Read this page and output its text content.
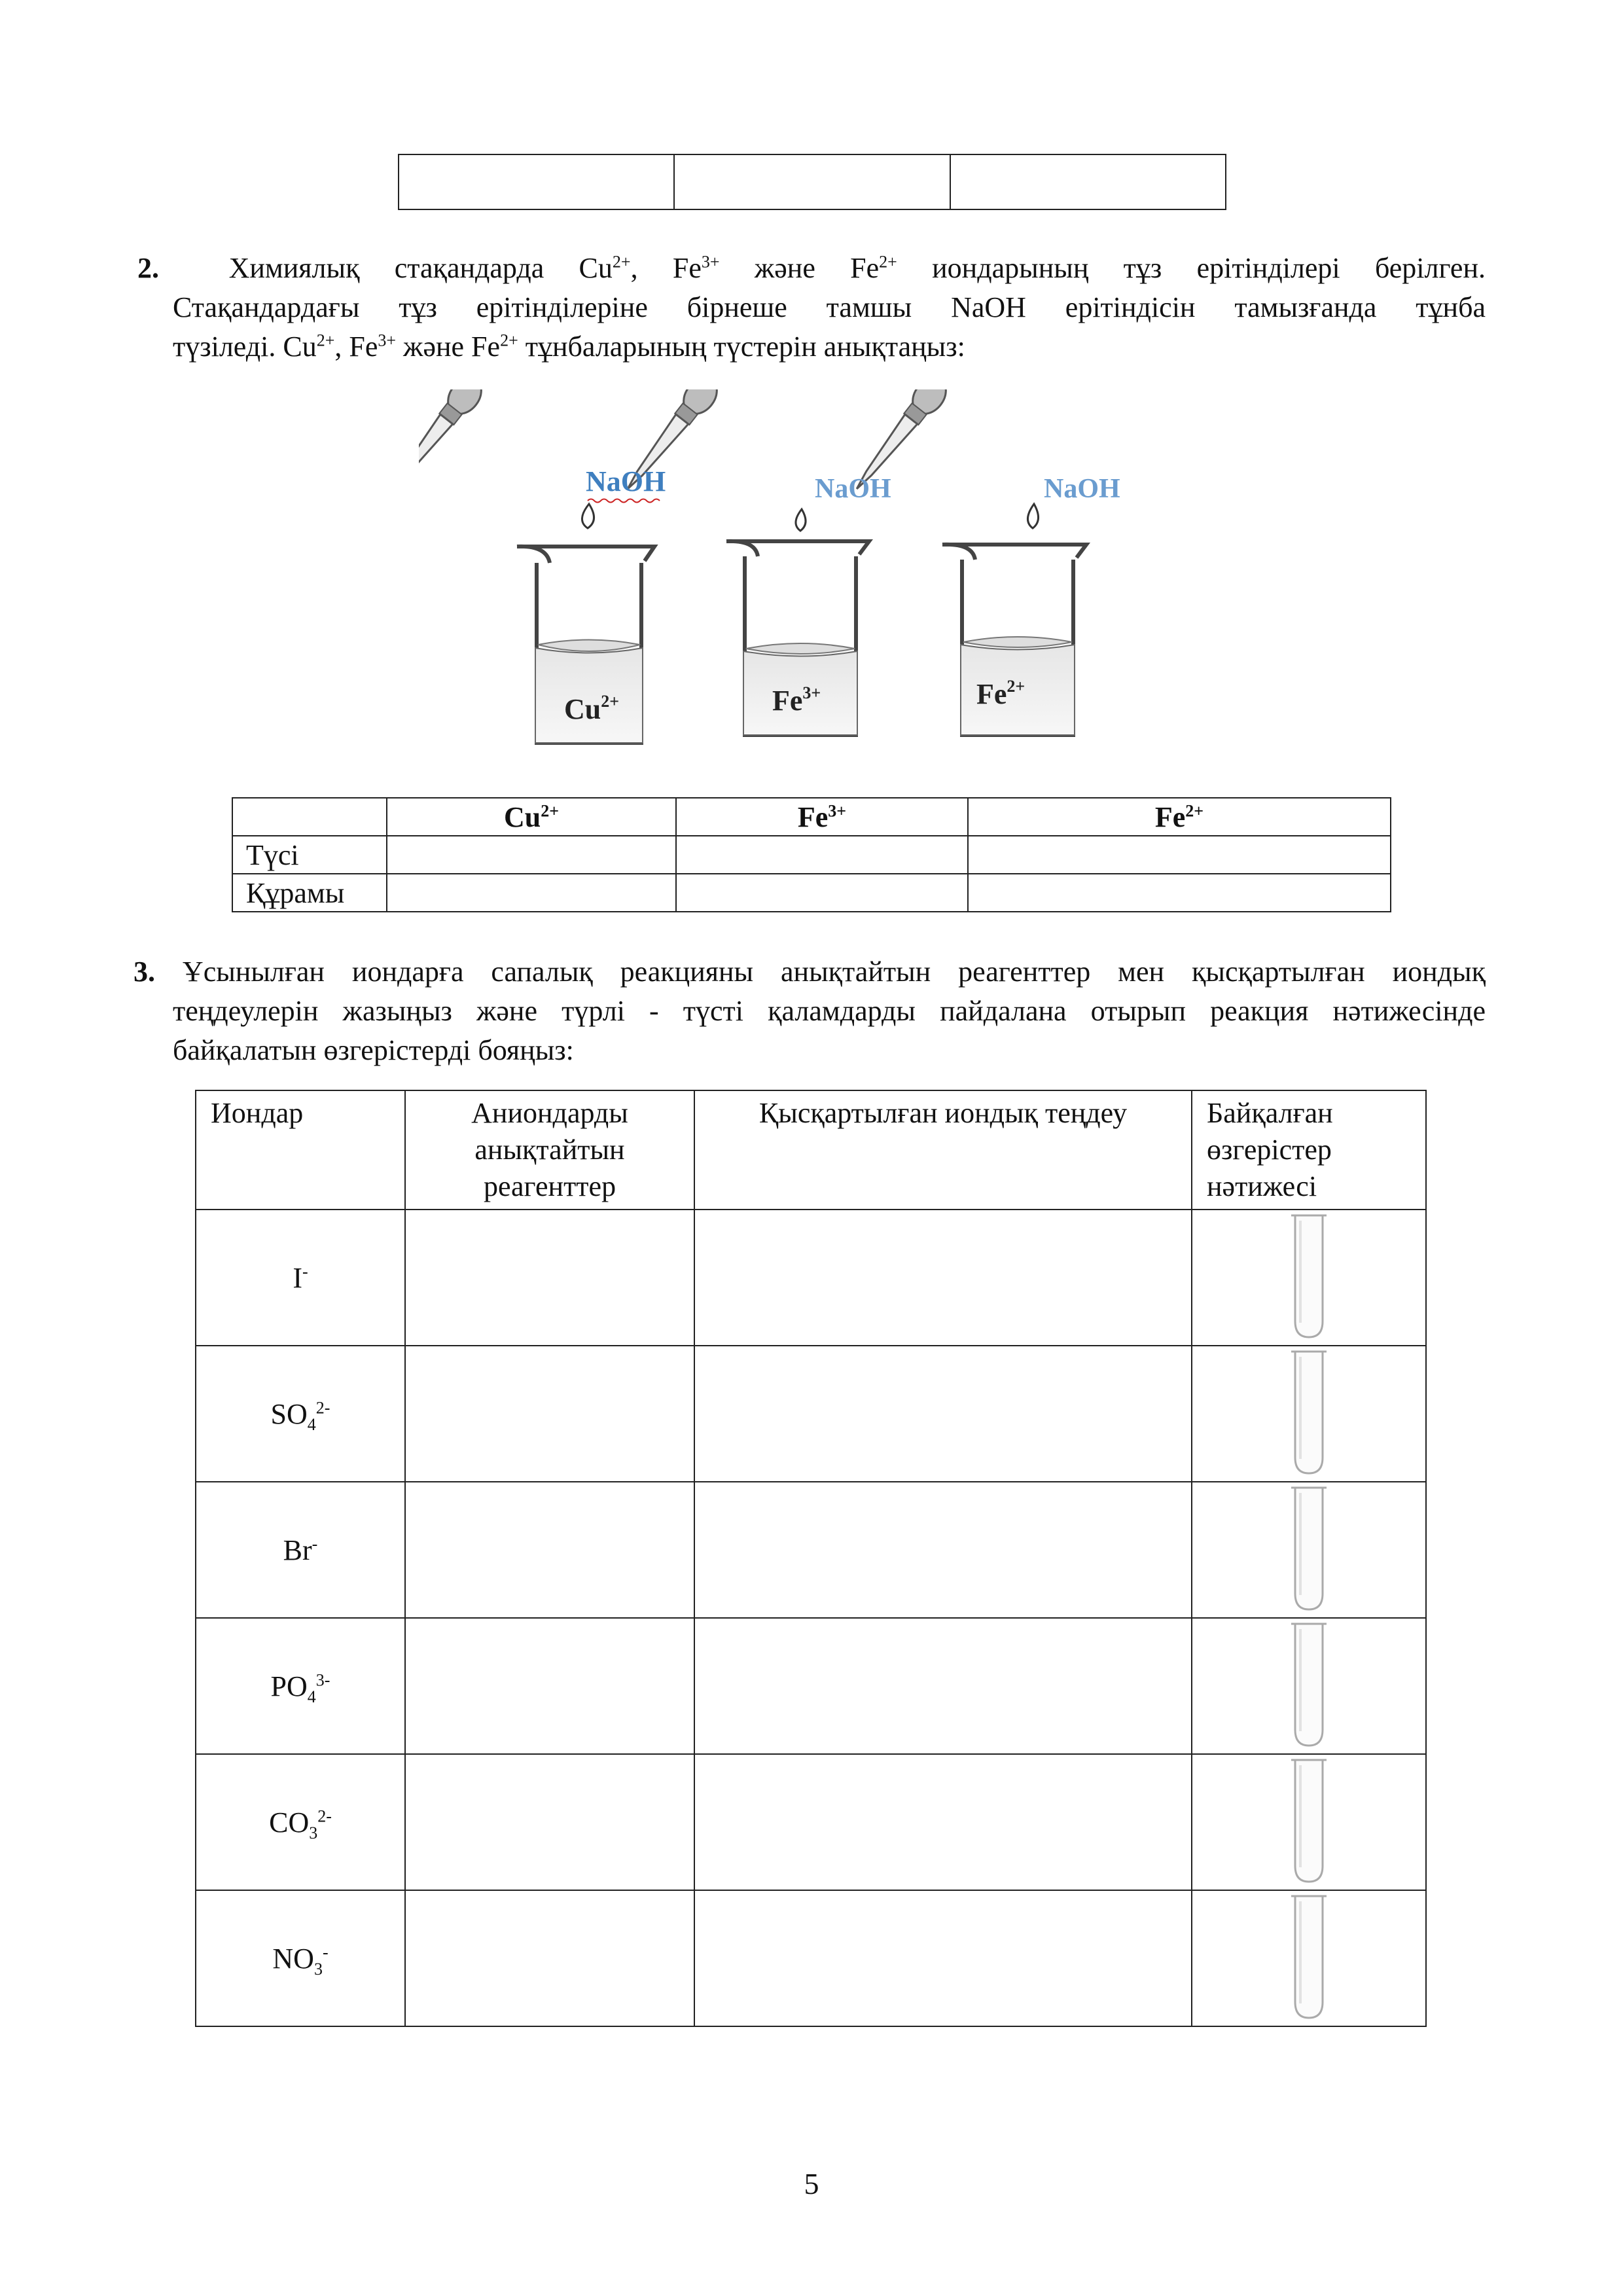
2. Химиялық стақандарда $Cu^{2+}$, $Fe^{3+}$ және $Fe^{2+}$ иондарының тұз ерітінділері берілген.
Стақандардағы тұз ерітінділеріне бірнеше тамшы NaOH ерітіндісін тамызғанда тұнба
түзіледі. $Cu^{2+}$, $Fe^{3+}$ және $Fe^{2+}$ тұнбаларының түстерін анықтаңыз:
NaOH	NaOH	NaOH
$Cu^{2+}$	$Fe^{3+}$	$Fe^{2+}$
	$Cu^{2+}$	$Fe^{3+}$	$Fe^{2+}$
Түсі			
Құрамы			
3. Ұсынылған иондарға сапалық реакцияны анықтайтын реагенттер мен қысқартылған иондық
теңдеулерін жазыңыз және түрлі - түсті қаламдарды пайдалана отырып реакция нәтижесінде
байқалатын өзгерістерді бояңыз:
Иондар	Аниондарды
анықтайтын
реагенттер	Қысқартылған иондық теңдеу	Байқалған
өзгерістер
нәтижесі
I-			

$SO_4^{2-}$			

Br-			

$PO_4^{3-}$			

$CO_3^{2-}$			

$NO_3^-$			
5
